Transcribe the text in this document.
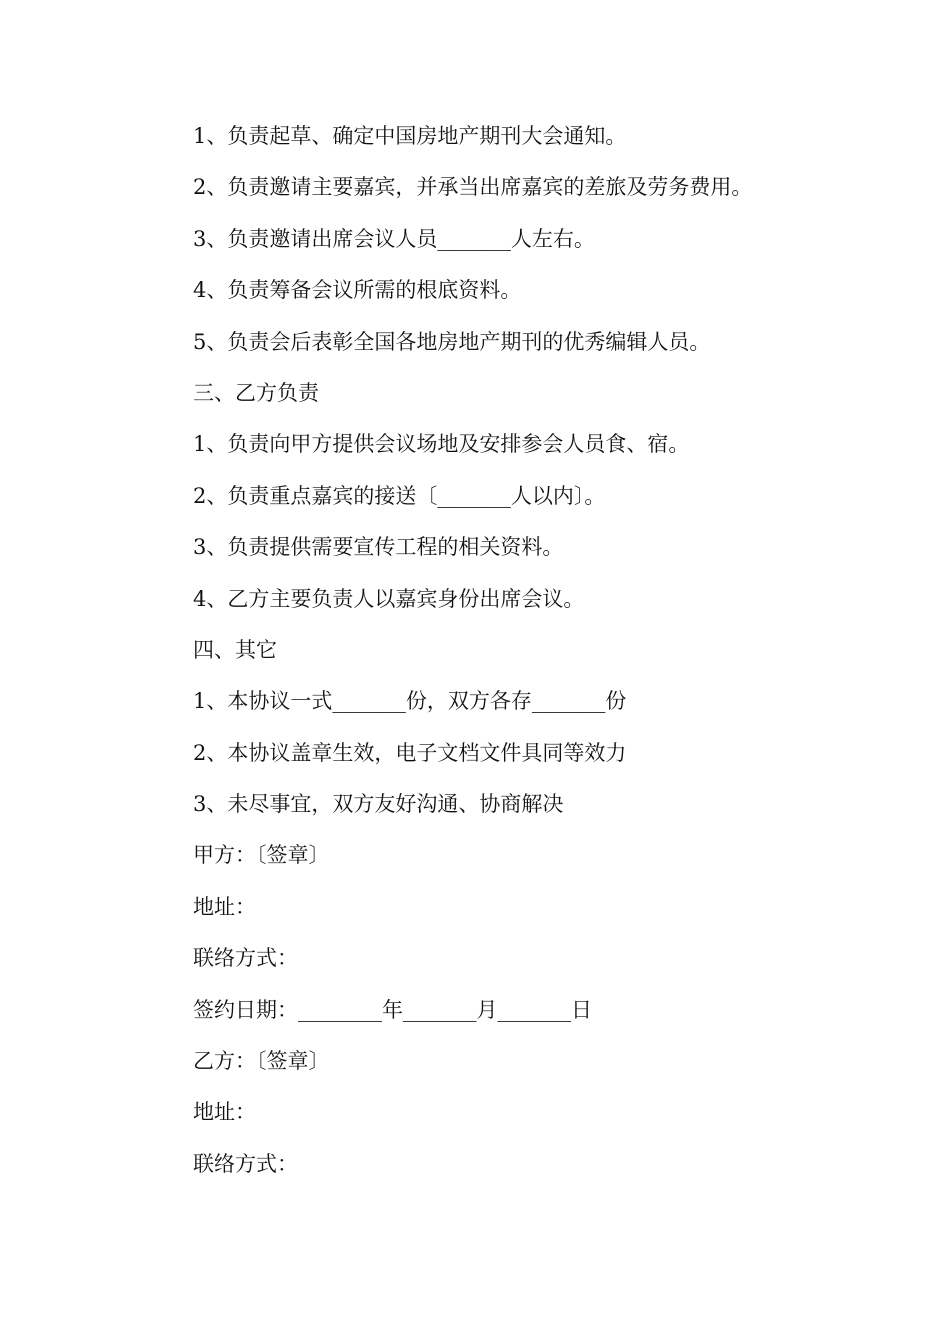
1、负责起草、确定中国房地产期刊大会通知。
2、负责邀请主要嘉宾，并承当出席嘉宾的差旅及劳务费用。
3、负责邀请出席会议人员_______人左右。
4、负责筹备会议所需的根底资料。
5、负责会后表彰全国各地房地产期刊的优秀编辑人员。
三、乙方负责
1、负责向甲方提供会议场地及安排参会人员食、宿。
2、负责重点嘉宾的接送〔_______人以内〕。
3、负责提供需要宣传工程的相关资料。
4、乙方主要负责人以嘉宾身份出席会议。
四、其它
1、本协议一式_______份，双方各存_______份
2、本协议盖章生效，电子文档文件具同等效力
3、未尽事宜，双方友好沟通、协商解决
甲方：〔签章〕
地址：
联络方式：
签约日期：________年_______月_______日
乙方：〔签章〕
地址：
联络方式：
